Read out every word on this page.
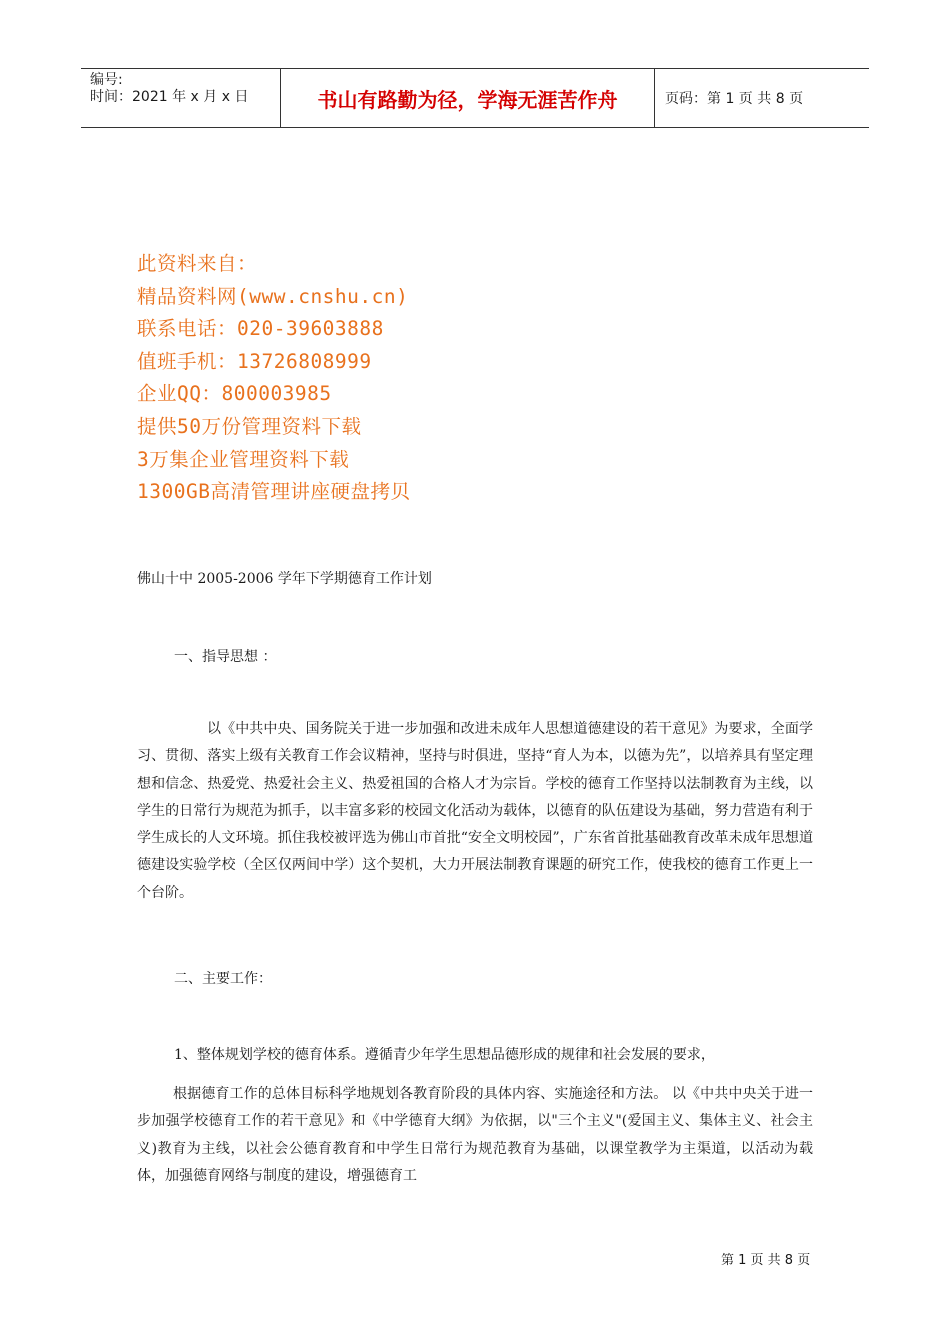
编号:
时间：2021 年 x 月 x 日	书山有路勤为径，学海无涯苦作舟	页码：第 1 页 共 8 页
此资料来自：
精品资料网(www.cnshu.cn)
联系电话：020-39603888
值班手机：13726808999
企业QQ：800003985
提供50万份管理资料下载
3万集企业管理资料下载
1300GB高清管理讲座硬盘拷贝
佛山十中 2005-2006 学年下学期德育工作计划
一、指导思想 ：
以《中共中央、国务院关于进一步加强和改进未成年人思想道德建设的若干意见》为要求，全面学习、贯彻、落实上级有关教育工作会议精神，坚持与时俱进，坚持“育人为本，以德为先”，以培养具有坚定理想和信念、热爱党、热爱社会主义、热爱祖国的合格人才为宗旨。学校的德育工作坚持以法制教育为主线，以学生的日常行为规范为抓手，以丰富多彩的校园文化活动为载体，以德育的队伍建设为基础，努力营造有利于学生成长的人文环境。抓住我校被评选为佛山市首批“安全文明校园”，广东省首批基础教育改革未成年思想道德建设实验学校（全区仅两间中学）这个契机，大力开展法制教育课题的研究工作，使我校的德育工作更上一个台阶。
二、主要工作：
1、整体规划学校的德育体系。遵循青少年学生思想品德形成的规律和社会发展的要求，
根据德育工作的总体目标科学地规划各教育阶段的具体内容、实施途径和方法。 以《中共中央关于进一步加强学校德育工作的若干意见》和《中学德育大纲》为依据，以"三个主义"(爱国主义、集体主义、社会主义)教育为主线，以社会公德育教育和中学生日常行为规范教育为基础，以课堂教学为主渠道，以活动为载体，加强德育网络与制度的建设，增强德育工
第 1 页 共 8 页
